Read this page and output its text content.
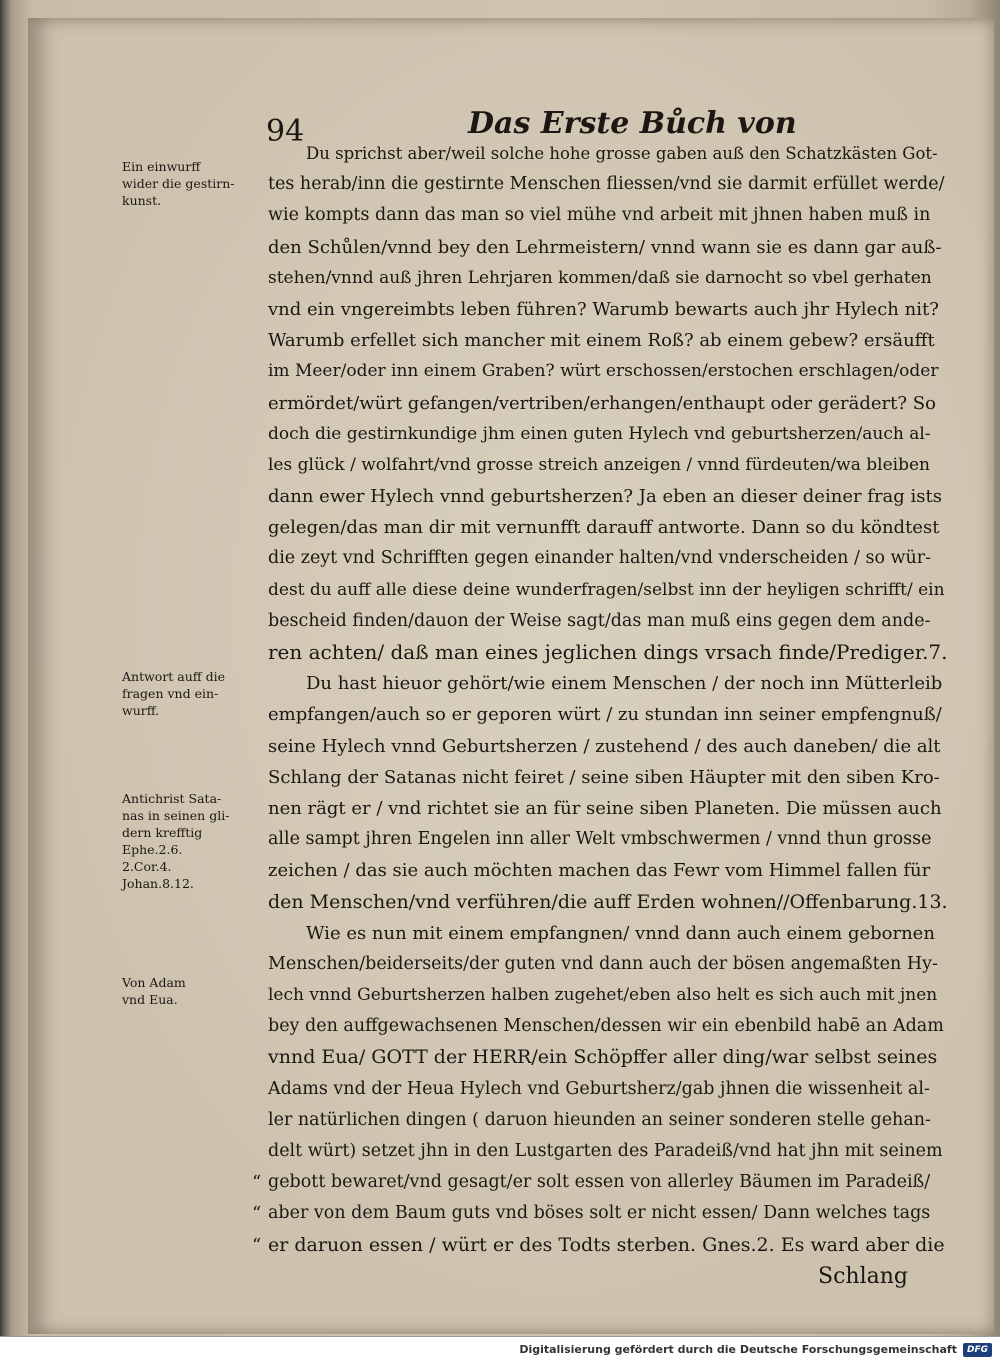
94	Das Erste Bůch von
Ein einwurff
wider die gestirn-
kunst.
Antwort auff die
fragen vnd ein-
wurff.
Antichrist Sata-
nas in seinen gli-
dern krefftig
Ephe.2.6.
2.Cor.4.
Johan.8.12.
Von Adam
vnd Eua.
Du sprichst aber/weil solche hohe grosse gaben auß den Schatzkästen Got-
tes herab/inn die gestirnte Menschen fliessen/vnd sie darmit erfüllet werde/
wie kompts dann das man so viel mühe vnd arbeit mit jhnen haben muß in
den Schůlen/vnnd bey den Lehrmeistern/ vnnd wann sie es dann gar auß-
stehen/vnnd auß jhren Lehrjaren kommen/daß sie darnocht so vbel gerhaten
vnd ein vngereimbts leben führen? Warumb bewarts auch jhr Hylech nit?
Warumb erfellet sich mancher mit einem Roß? ab einem gebew? ersäufft
im Meer/oder inn einem Graben? würt erschossen/erstochen erschlagen/oder
ermördet/würt gefangen/vertriben/erhangen/enthaupt oder gerädert? So
doch die gestirnkundige jhm einen guten Hylech vnd geburtsherzen/auch al-
les glück / wolfahrt/vnd grosse streich anzeigen / vnnd fürdeuten/wa bleiben
dann ewer Hylech vnnd geburtsherzen? Ja eben an dieser deiner frag ists
gelegen/das man dir mit vernunfft darauff antworte. Dann so du köndtest
die zeyt vnd Schrifften gegen einander halten/vnd vnderscheiden / so wür-
dest du auff alle diese deine wunderfragen/selbst inn der heyligen schrifft/ ein
bescheid finden/dauon der Weise sagt/das man muß eins gegen dem ande-
ren achten/ daß man eines jeglichen dings vrsach finde/Prediger.7.
Du hast hieuor gehört/wie einem Menschen / der noch inn Mütterleib
empfangen/auch so er geporen würt / zu stundan inn seiner empfengnuß/
seine Hylech vnnd Geburtsherzen / zustehend / des auch daneben/ die alt
Schlang der Satanas nicht feiret / seine siben Häupter mit den siben Kro-
nen rägt er / vnd richtet sie an für seine siben Planeten. Die müssen auch
alle sampt jhren Engelen inn aller Welt vmbschwermen / vnnd thun grosse
zeichen / das sie auch möchten machen das Fewr vom Himmel fallen für
den Menschen/vnd verführen/die auff Erden wohnen//Offenbarung.13.
Wie es nun mit einem empfangnen/ vnnd dann auch einem gebornen
Menschen/beiderseits/der guten vnd dann auch der bösen angemaßten Hy-
lech vnnd Geburtsherzen halben zugehet/eben also helt es sich auch mit jnen
bey den auffgewachsenen Menschen/dessen wir ein ebenbild habē an Adam
vnnd Eua/ GOTT der HERR/ein Schöpffer aller ding/war selbst seines
Adams vnd der Heua Hylech vnd Geburtsherz/gab jhnen die wissenheit al-
ler natürlichen dingen ( daruon hieunden an seiner sonderen stelle gehan-
delt würt) setzet jhn in den Lustgarten des Paradeiß/vnd hat jhn mit seinem
“ gebott bewaret/vnd gesagt/er solt essen von allerley Bäumen im Paradeiß/
“ aber von dem Baum guts vnd böses solt er nicht essen/ Dann welches tags
“ er daruon essen / würt er des Todts sterben. Gnes.2. Es ward aber die
Schlang
Digitalisierung gefördert durch die Deutsche Forschungsgemeinschaft	DFG
